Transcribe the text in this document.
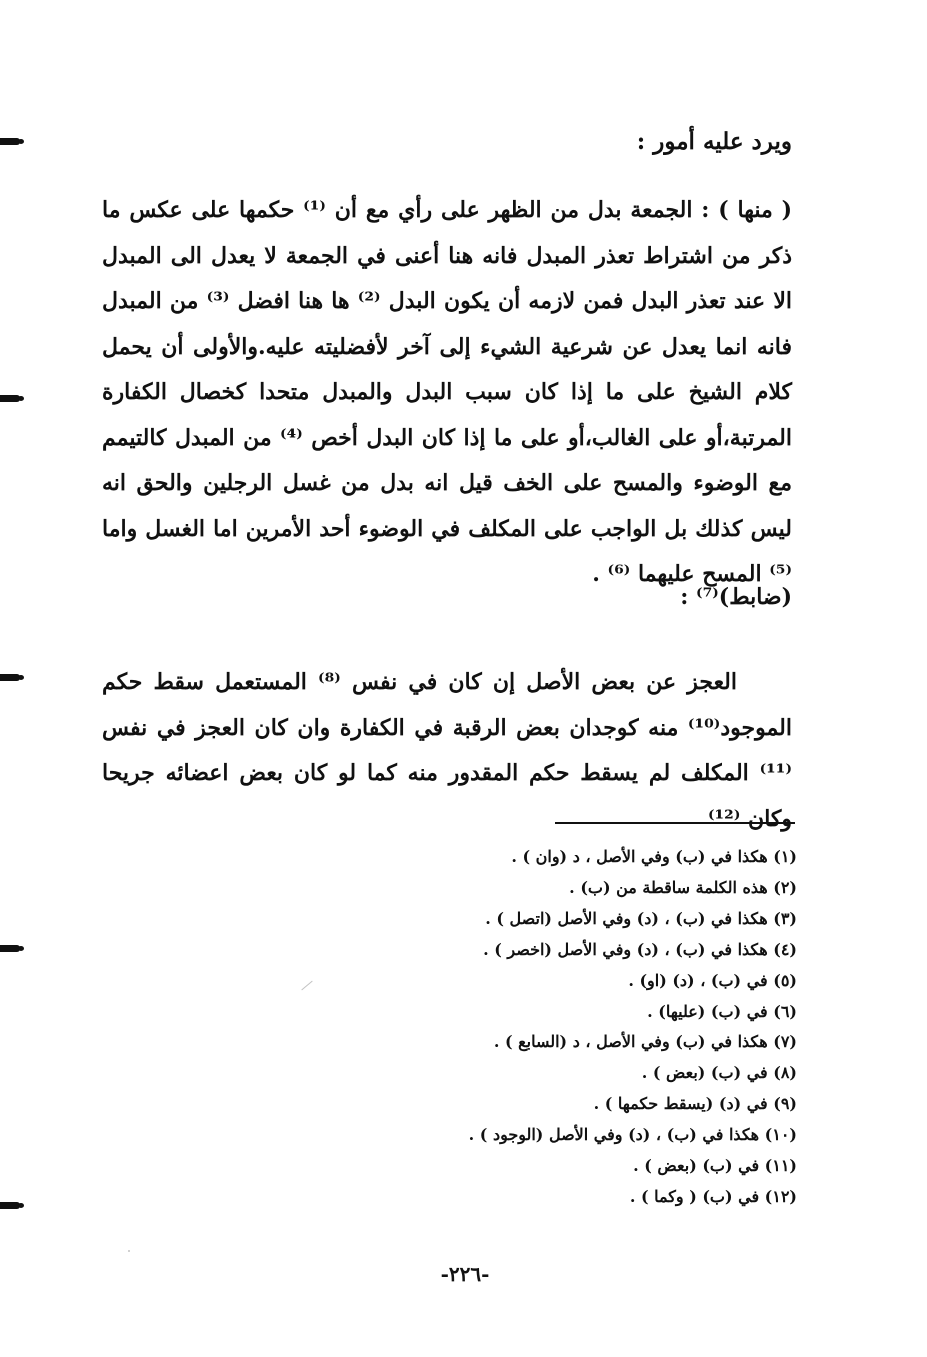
ويرد عليه أمور :
( منها ) : الجمعة بدل من الظهر على رأي مع أن ⁽¹⁾ حكمها على عكس ما ذكر من اشتراط تعذر المبدل فانه هنا أعنى في الجمعة لا يعدل الى المبدل الا عند تعذر البدل فمن لازمه أن يكون البدل ⁽²⁾ ها هنا افضل ⁽³⁾ من المبدل فانه انما يعدل عن شرعية الشيء إلى آخر لأفضليته عليه.والأولى أن يحمل كلام الشيخ على ما إذا كان سبب البدل والمبدل متحدا كخصال الكفارة المرتبة،أو على الغالب،أو على ما إذا كان البدل أخص ⁽⁴⁾ من المبدل كالتيمم مع الوضوء والمسح على الخف قيل انه بدل من غسل الرجلين والحق انه ليس كذلك بل الواجب على المكلف في الوضوء أحد الأمرين اما الغسل واما ⁽⁵⁾ المسح عليهما ⁽⁶⁾ .
(ضابط)⁽⁷⁾ :
العجز عن بعض الأصل إن كان في نفس ⁽⁸⁾ المستعمل سقط حكم الموجود⁽¹⁰⁾ منه كوجدان بعض الرقبة في الكفارة وان كان العجز في نفس ⁽¹¹⁾ المكلف لم يسقط حكم المقدور منه كما لو كان بعض اعضائه جريحا وكان ⁽¹²⁾
(١) هكذا في (ب) وفي الأصل ، د (وان ) .
(٢) هذه الكلمة ساقطة من (ب) .
(٣) هكذا في (ب) ، (د) وفي الأصل (اتصل ) .
(٤) هكذا في (ب) ، (د) وفي الأصل (اخصر ) .
(٥) في (ب) ، (د) (او) .
(٦) في (ب) (عليها) .
(٧) هكذا في (ب) وفي الأصل ، د (السابع ) .
(٨) في (ب) (بعض ) .
(٩) في (د) (يسقط حكمها ) .
(١٠) هكذا في (ب) ، (د) وفي الأصل (الوجود ) .
(١١) في (ب) (بعض ) .
(١٢) في (ب) ( وكما ) .
-٢٢٦-
